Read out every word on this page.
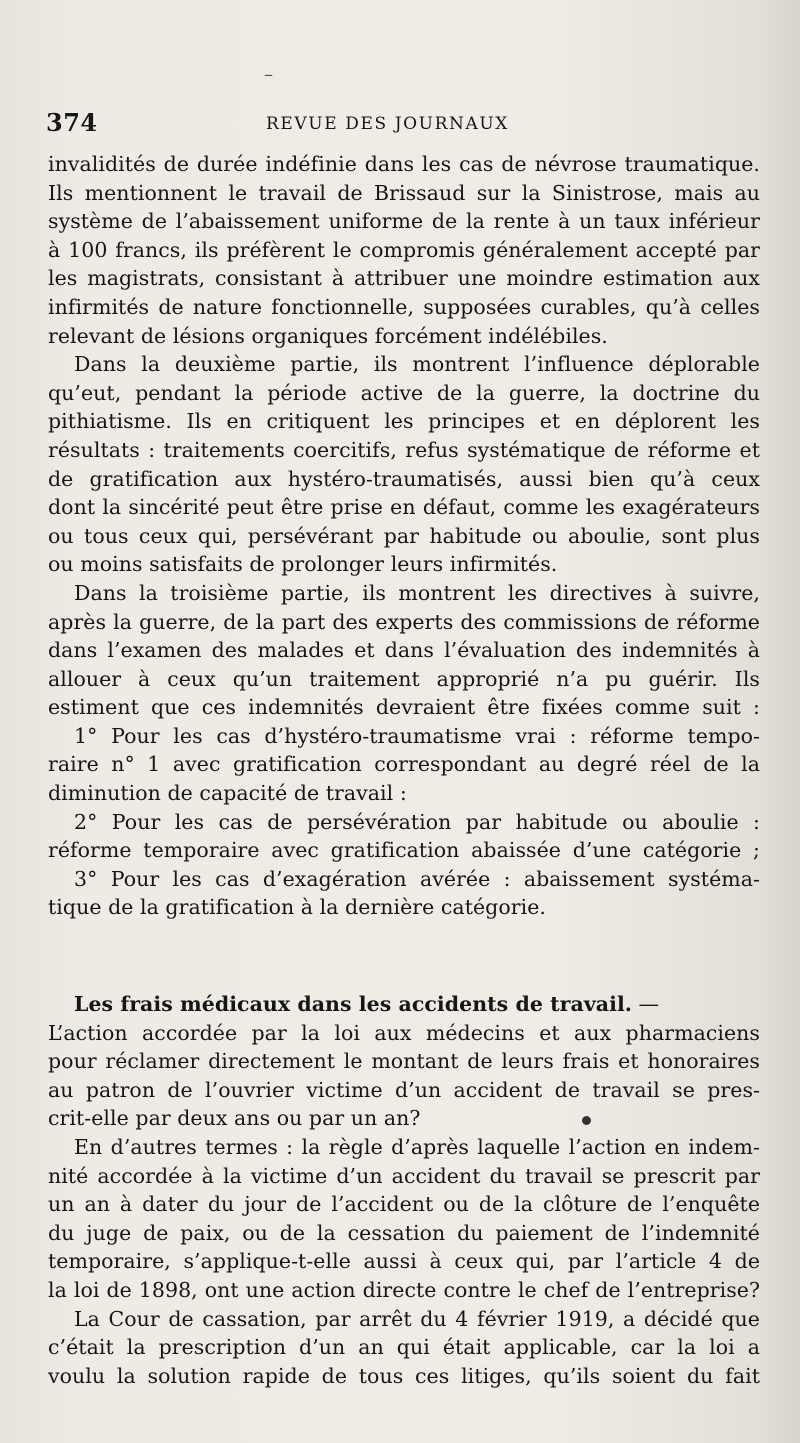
–
374	REVUE DES JOURNAUX
invalidités de durée indéfinie dans les cas de névrose traumatique.
Ils mentionnent le travail de Brissaud sur la Sinistrose, mais au
système de l’abaissement uniforme de la rente à un taux inférieur
à 100 francs, ils préfèrent le compromis généralement accepté par
les magistrats, consistant à attribuer une moindre estimation aux
infirmités de nature fonctionnelle, supposées curables, qu’à celles
relevant de lésions organiques forcément indélébiles.
Dans la deuxième partie, ils montrent l’influence déplorable
qu’eut, pendant la période active de la guerre, la doctrine du
pithiatisme. Ils en critiquent les principes et en déplorent les
résultats : traitements coercitifs, refus systématique de réforme et
de gratification aux hystéro-traumatisés, aussi bien qu’à ceux
dont la sincérité peut être prise en défaut, comme les exagérateurs
ou tous ceux qui, persévérant par habitude ou aboulie, sont plus
ou moins satisfaits de prolonger leurs infirmités.
Dans la troisième partie, ils montrent les directives à suivre,
après la guerre, de la part des experts des commissions de réforme
dans l’examen des malades et dans l’évaluation des indemnités à
allouer à ceux qu’un traitement approprié n’a pu guérir. Ils
estiment que ces indemnités devraient être fixées comme suit :
1° Pour les cas d’hystéro-traumatisme vrai : réforme tempo-
raire n° 1 avec gratification correspondant au degré réel de la
diminution de capacité de travail :
2° Pour les cas de persévération par habitude ou aboulie :
réforme temporaire avec gratification abaissée d’une catégorie ;
3° Pour les cas d’exagération avérée : abaissement systéma-
tique de la gratification à la dernière catégorie.
Les frais médicaux dans les accidents de travail. —
L’action accordée par la loi aux médecins et aux pharmaciens
pour réclamer directement le montant de leurs frais et honoraires
au patron de l’ouvrier victime d’un accident de travail se pres-
crit-elle par deux ans ou par un an?
En d’autres termes : la règle d’après laquelle l’action en indem-
nité accordée à la victime d’un accident du travail se prescrit par
un an à dater du jour de l’accident ou de la clôture de l’enquête
du juge de paix, ou de la cessation du paiement de l’indemnité
temporaire, s’applique-t-elle aussi à ceux qui, par l’article 4 de
la loi de 1898, ont une action directe contre le chef de l’entreprise?
La Cour de cassation, par arrêt du 4 février 1919, a décidé que
c’était la prescription d’un an qui était applicable, car la loi a
voulu la solution rapide de tous ces litiges, qu’ils soient du fait
